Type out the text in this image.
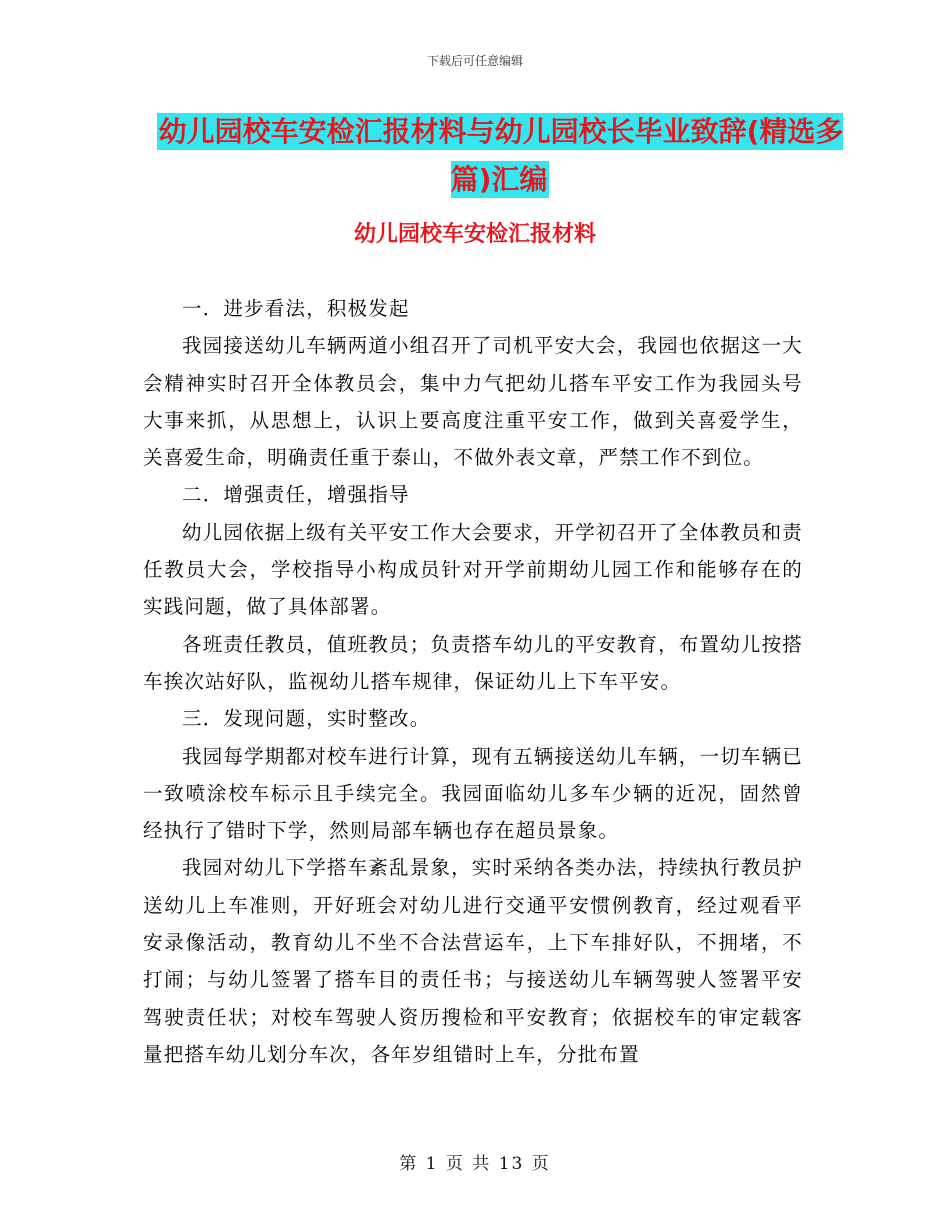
下载后可任意编辑
幼儿园校车安检汇报材料与幼儿园校长毕业致辞(精选多篇)汇编
幼儿园校车安检汇报材料

一．进步看法，积极发起

我园接送幼儿车辆两道小组召开了司机平安大会，我园也依据这一大会精神实时召开全体教员会，集中力气把幼儿搭车平安工作为我园头号大事来抓，从思想上，认识上要高度注重平安工作，做到关喜爱学生，关喜爱生命，明确责任重于泰山，不做外表文章，严禁工作不到位。

二．增强责任，增强指导

幼儿园依据上级有关平安工作大会要求，开学初召开了全体教员和责任教员大会，学校指导小构成员针对开学前期幼儿园工作和能够存在的实践问题，做了具体部署。

各班责任教员，值班教员；负责搭车幼儿的平安教育，布置幼儿按搭车挨次站好队，监视幼儿搭车规律，保证幼儿上下车平安。

三．发现问题，实时整改。

我园每学期都对校车进行计算，现有五辆接送幼儿车辆，一切车辆已一致喷涂校车标示且手续完全。我园面临幼儿多车少辆的近况，固然曾经执行了错时下学，然则局部车辆也存在超员景象。

我园对幼儿下学搭车紊乱景象，实时采纳各类办法，持续执行教员护送幼儿上车准则，开好班会对幼儿进行交通平安惯例教育，经过观看平安录像活动，教育幼儿不坐不合法营运车，上下车排好队，不拥堵，不打闹；与幼儿签署了搭车目的责任书；与接送幼儿车辆驾驶人签署平安驾驶责任状；对校车驾驶人资历搜检和平安教育；依据校车的审定载客量把搭车幼儿划分车次，各年岁组错时上车，分批布置

第 1 页 共 13 页
